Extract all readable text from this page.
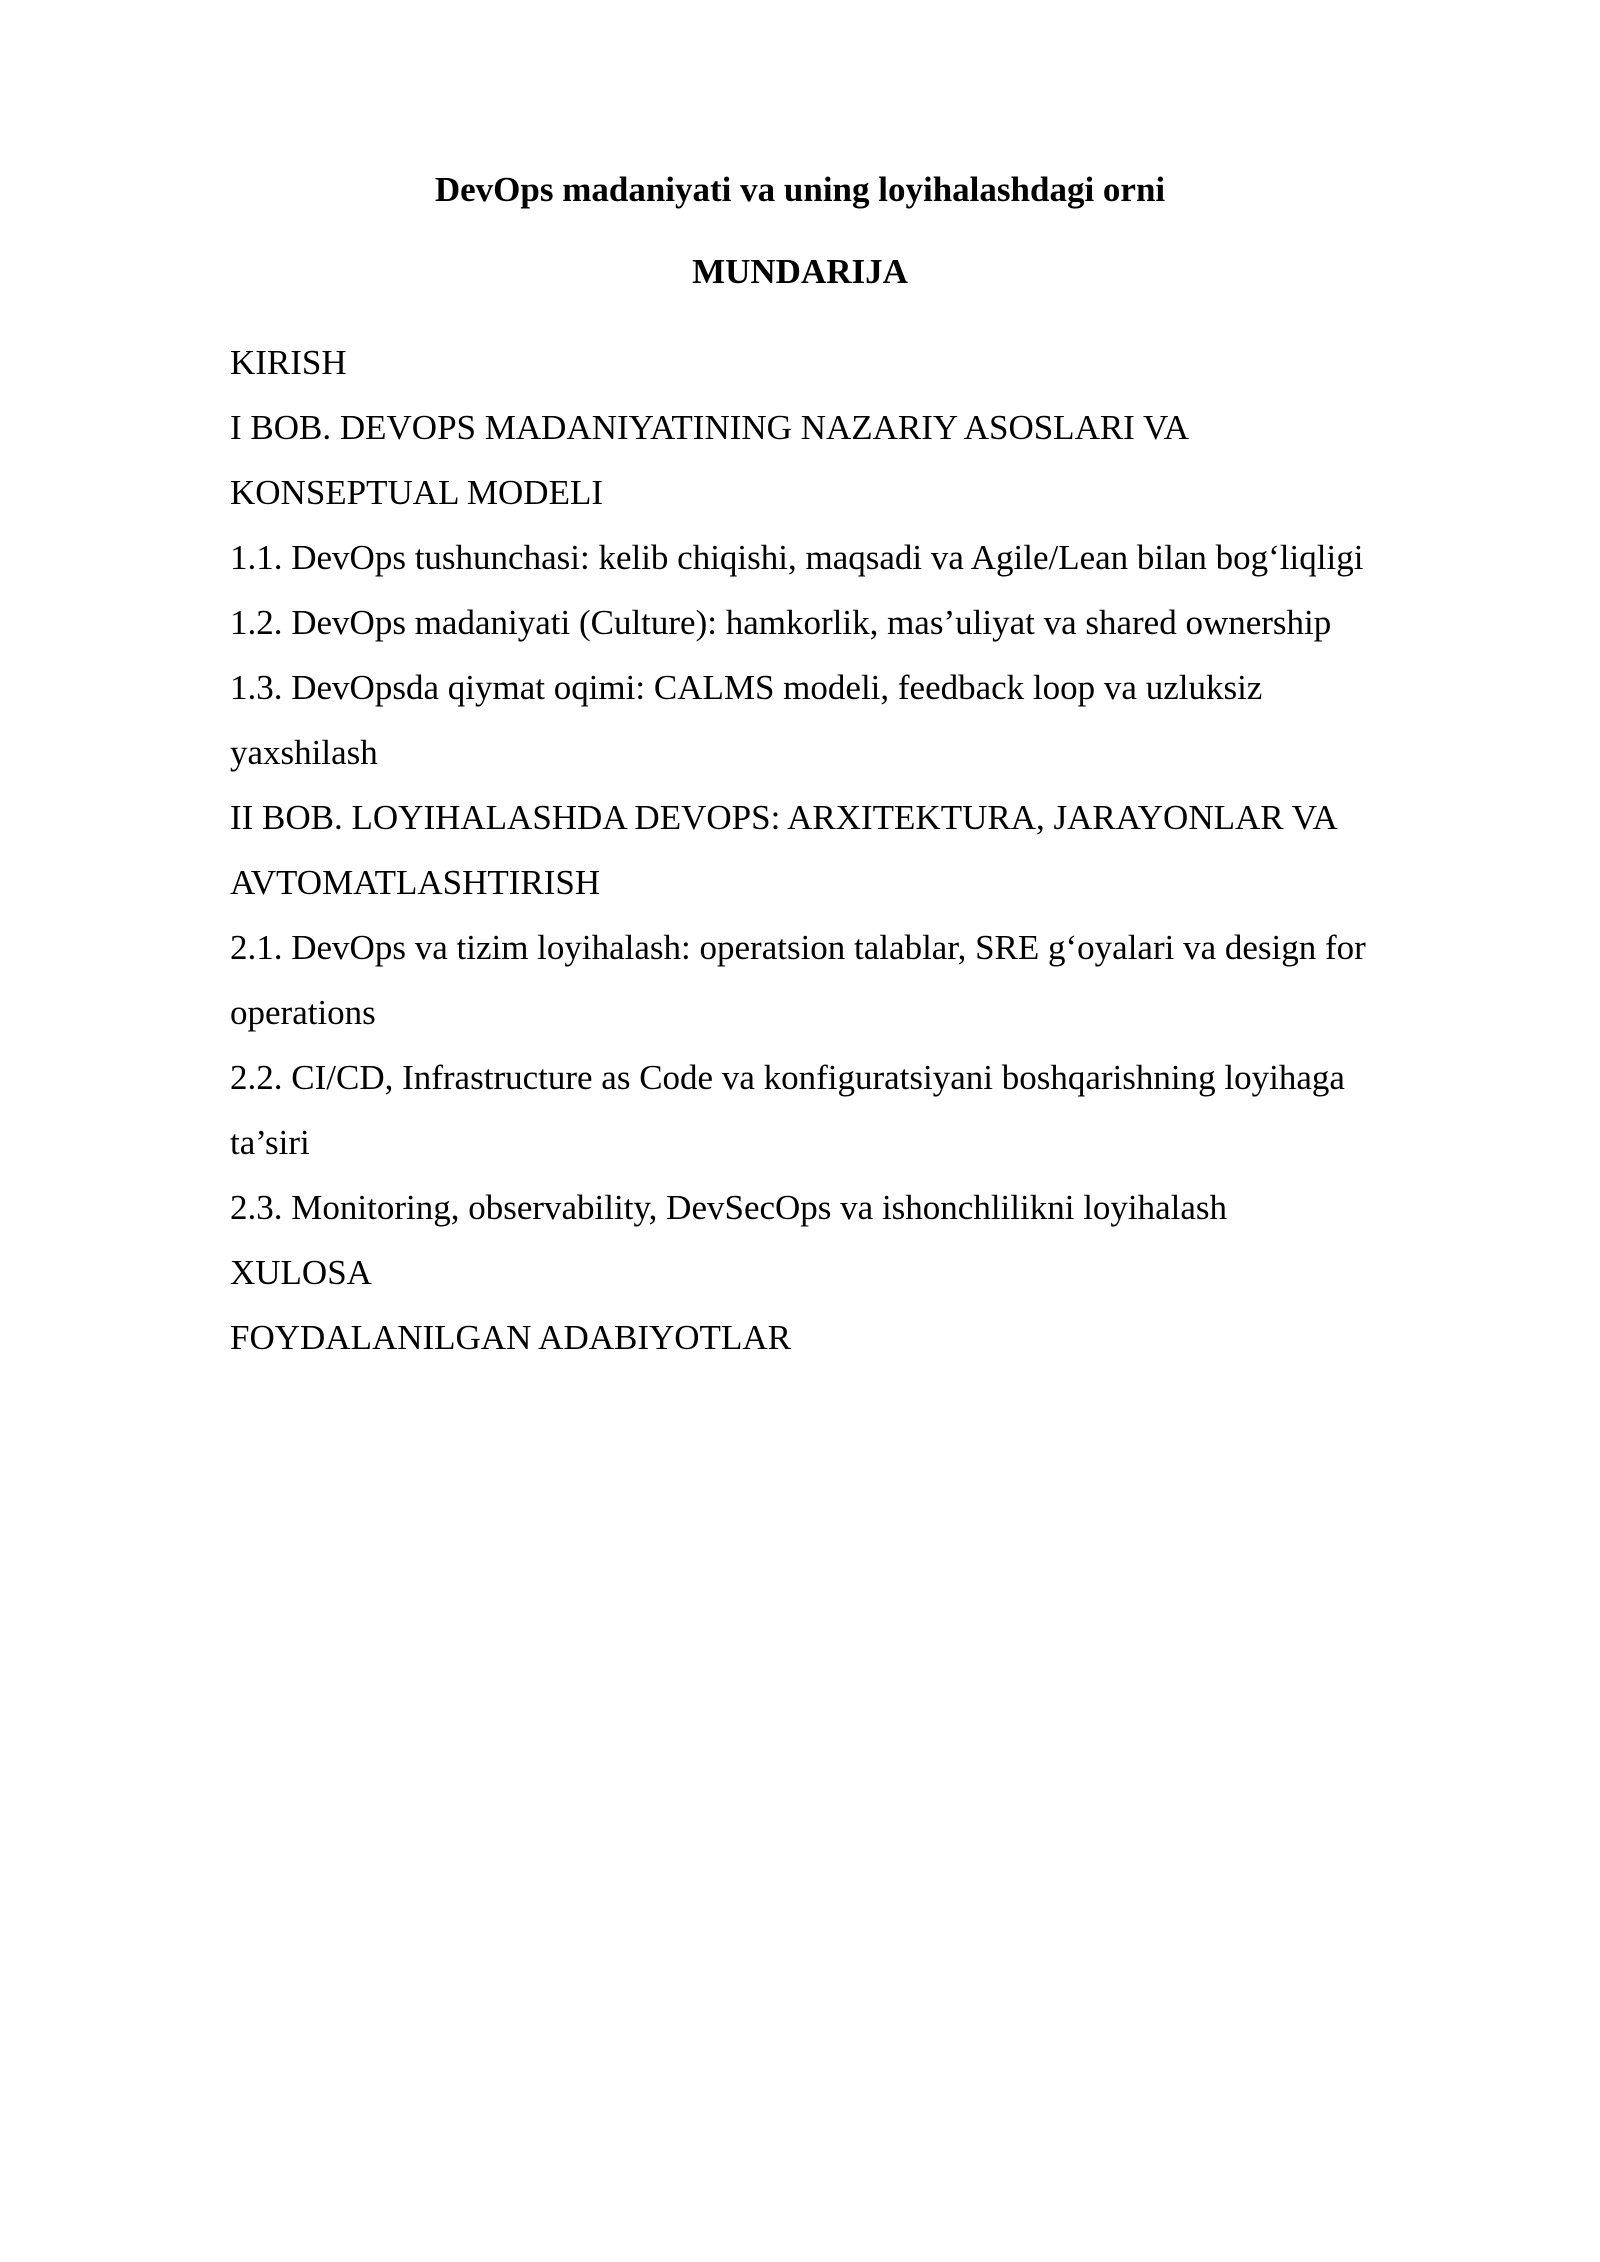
DevOps madaniyati va uning loyihalashdagi orni
MUNDARIJA
KIRISH
I BOB. DEVOPS MADANIYATINING NAZARIY ASOSLARI VA
KONSEPTUAL MODELI
1.1. DevOps tushunchasi: kelib chiqishi, maqsadi va Agile/Lean bilan bog‘liqligi
1.2. DevOps madaniyati (Culture): hamkorlik, mas’uliyat va shared ownership
1.3. DevOpsda qiymat oqimi: CALMS modeli, feedback loop va uzluksiz
yaxshilash
II BOB. LOYIHALASHDA DEVOPS: ARXITEKTURA, JARAYONLAR VA
AVTOMATLASHTIRISH
2.1. DevOps va tizim loyihalash: operatsion talablar, SRE g‘oyalari va design for
operations
2.2. CI/CD, Infrastructure as Code va konfiguratsiyani boshqarishning loyihaga
ta’siri
2.3. Monitoring, observability, DevSecOps va ishonchlilikni loyihalash
XULOSA
FOYDALANILGAN ADABIYOTLAR
